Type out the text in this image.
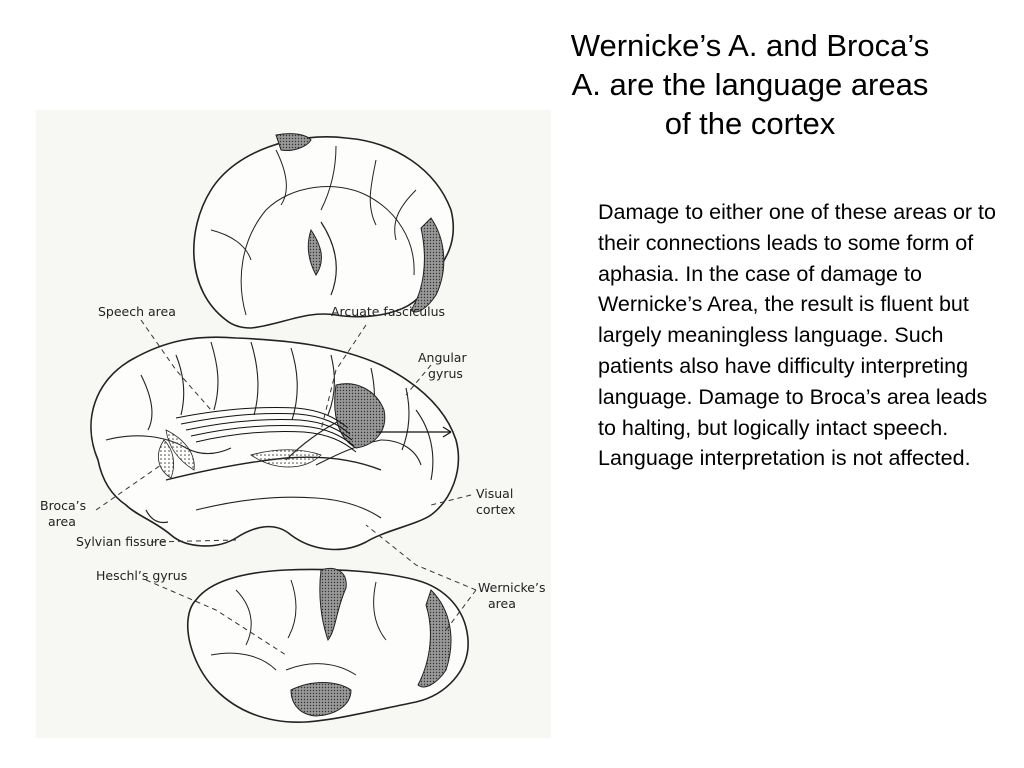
Wernicke’s A. and Broca’s
A. are the language areas
of the cortex
Speech area	Arcuate fasciculus
Angular
gyrus
Broca’s
area
Sylvian fissure
Heschl’s gyrus
Visual
cortex
Wernicke’s
area

Damage to either one of these areas or to their connections leads to some form of aphasia. In the case of damage to Wernicke’s Area, the result is fluent but largely meaningless language. Such patients also have difficulty interpreting language. Damage to Broca’s area leads to halting, but logically intact speech. Language interpretation is not affected.
